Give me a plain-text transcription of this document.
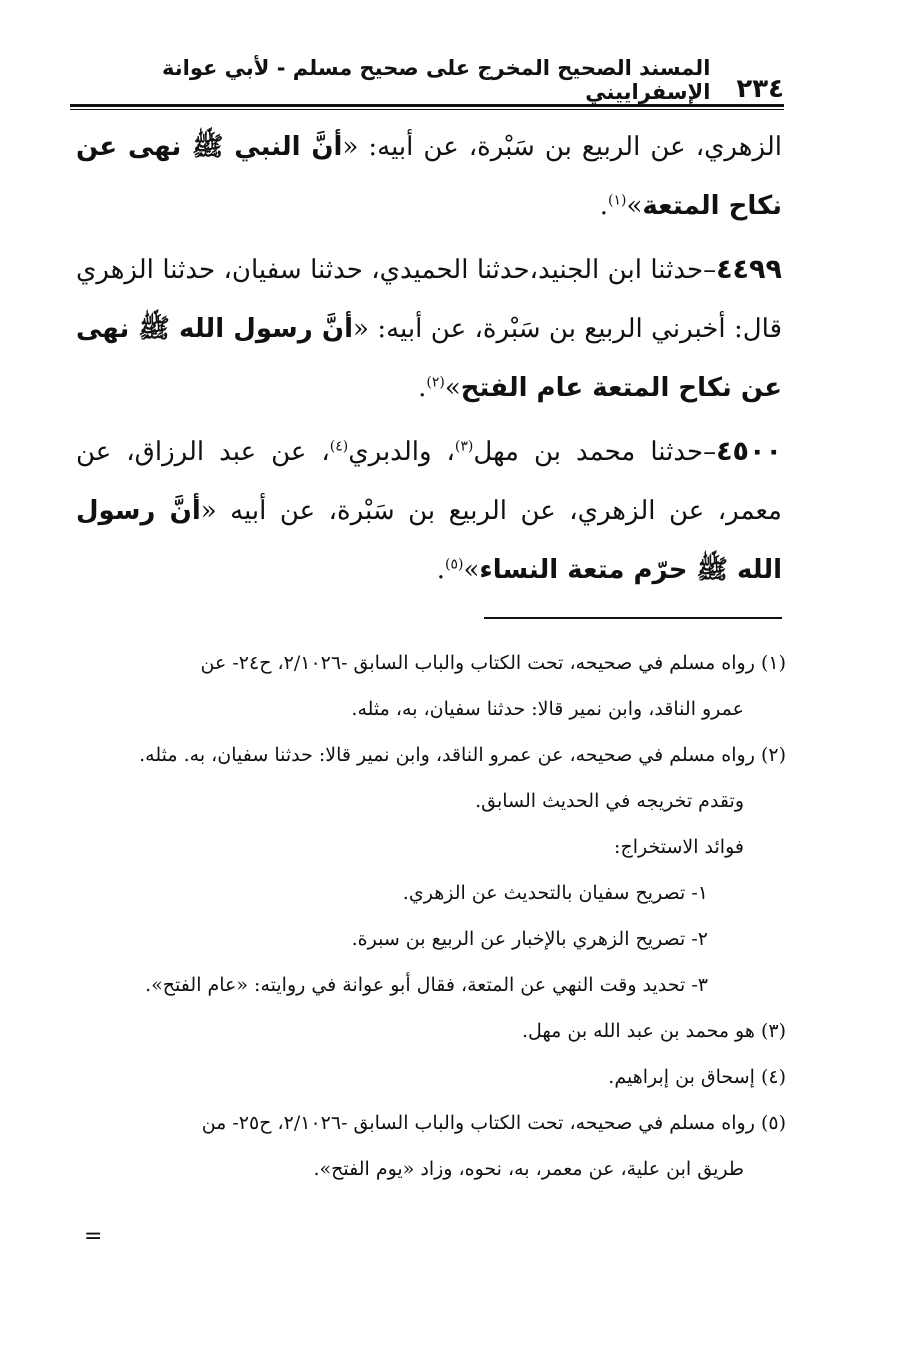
٢٣٤
المسند الصحيح المخرج على صحيح مسلم - لأبي عوانة الإسفراييني

الزهري، عن الربيع بن سَبْرة، عن أبيه: «أنَّ النبي ﷺ نهى عن نكاح المتعة»$^{(١)}$.

٤٤٩٩–حدثنا ابن الجنيد،حدثنا الحميدي، حدثنا سفيان، حدثنا الزهري قال: أخبرني الربيع بن سَبْرة، عن أبيه: «أنَّ رسول الله ﷺ نهى عن نكاح المتعة عام الفتح»$^{(٢)}$.

٤٥٠٠–حدثنا محمد بن مهل$^{(٣)}$، والدبري$^{(٤)}$، عن عبد الرزاق، عن معمر، عن الزهري، عن الربيع بن سَبْرة، عن أبيه «أنَّ رسول الله ﷺ حرّم متعة النساء»$^{(٥)}$.

(١) رواه مسلم في صحيحه، تحت الكتاب والباب السابق -٢/١٠٢٦، ح٢٤- عن
عمرو الناقد، وابن نمير قالا: حدثنا سفيان، به، مثله.

(٢) رواه مسلم في صحيحه، عن عمرو الناقد، وابن نمير قالا: حدثنا سفيان، به. مثله.
وتقدم تخريجه في الحديث السابق.

فوائد الاستخراج:

١- تصريح سفيان بالتحديث عن الزهري.

٢- تصريح الزهري بالإخبار عن الربيع بن سبرة.

٣- تحديد وقت النهي عن المتعة، فقال أبو عوانة في روايته: «عام الفتح».

(٣) هو محمد بن عبد الله بن مهل.

(٤) إسحاق بن إبراهيم.

(٥) رواه مسلم في صحيحه، تحت الكتاب والباب السابق -٢/١٠٢٦، ح٢٥- من
طريق ابن علية، عن معمر، به، نحوه، وزاد «يوم الفتح».

=
